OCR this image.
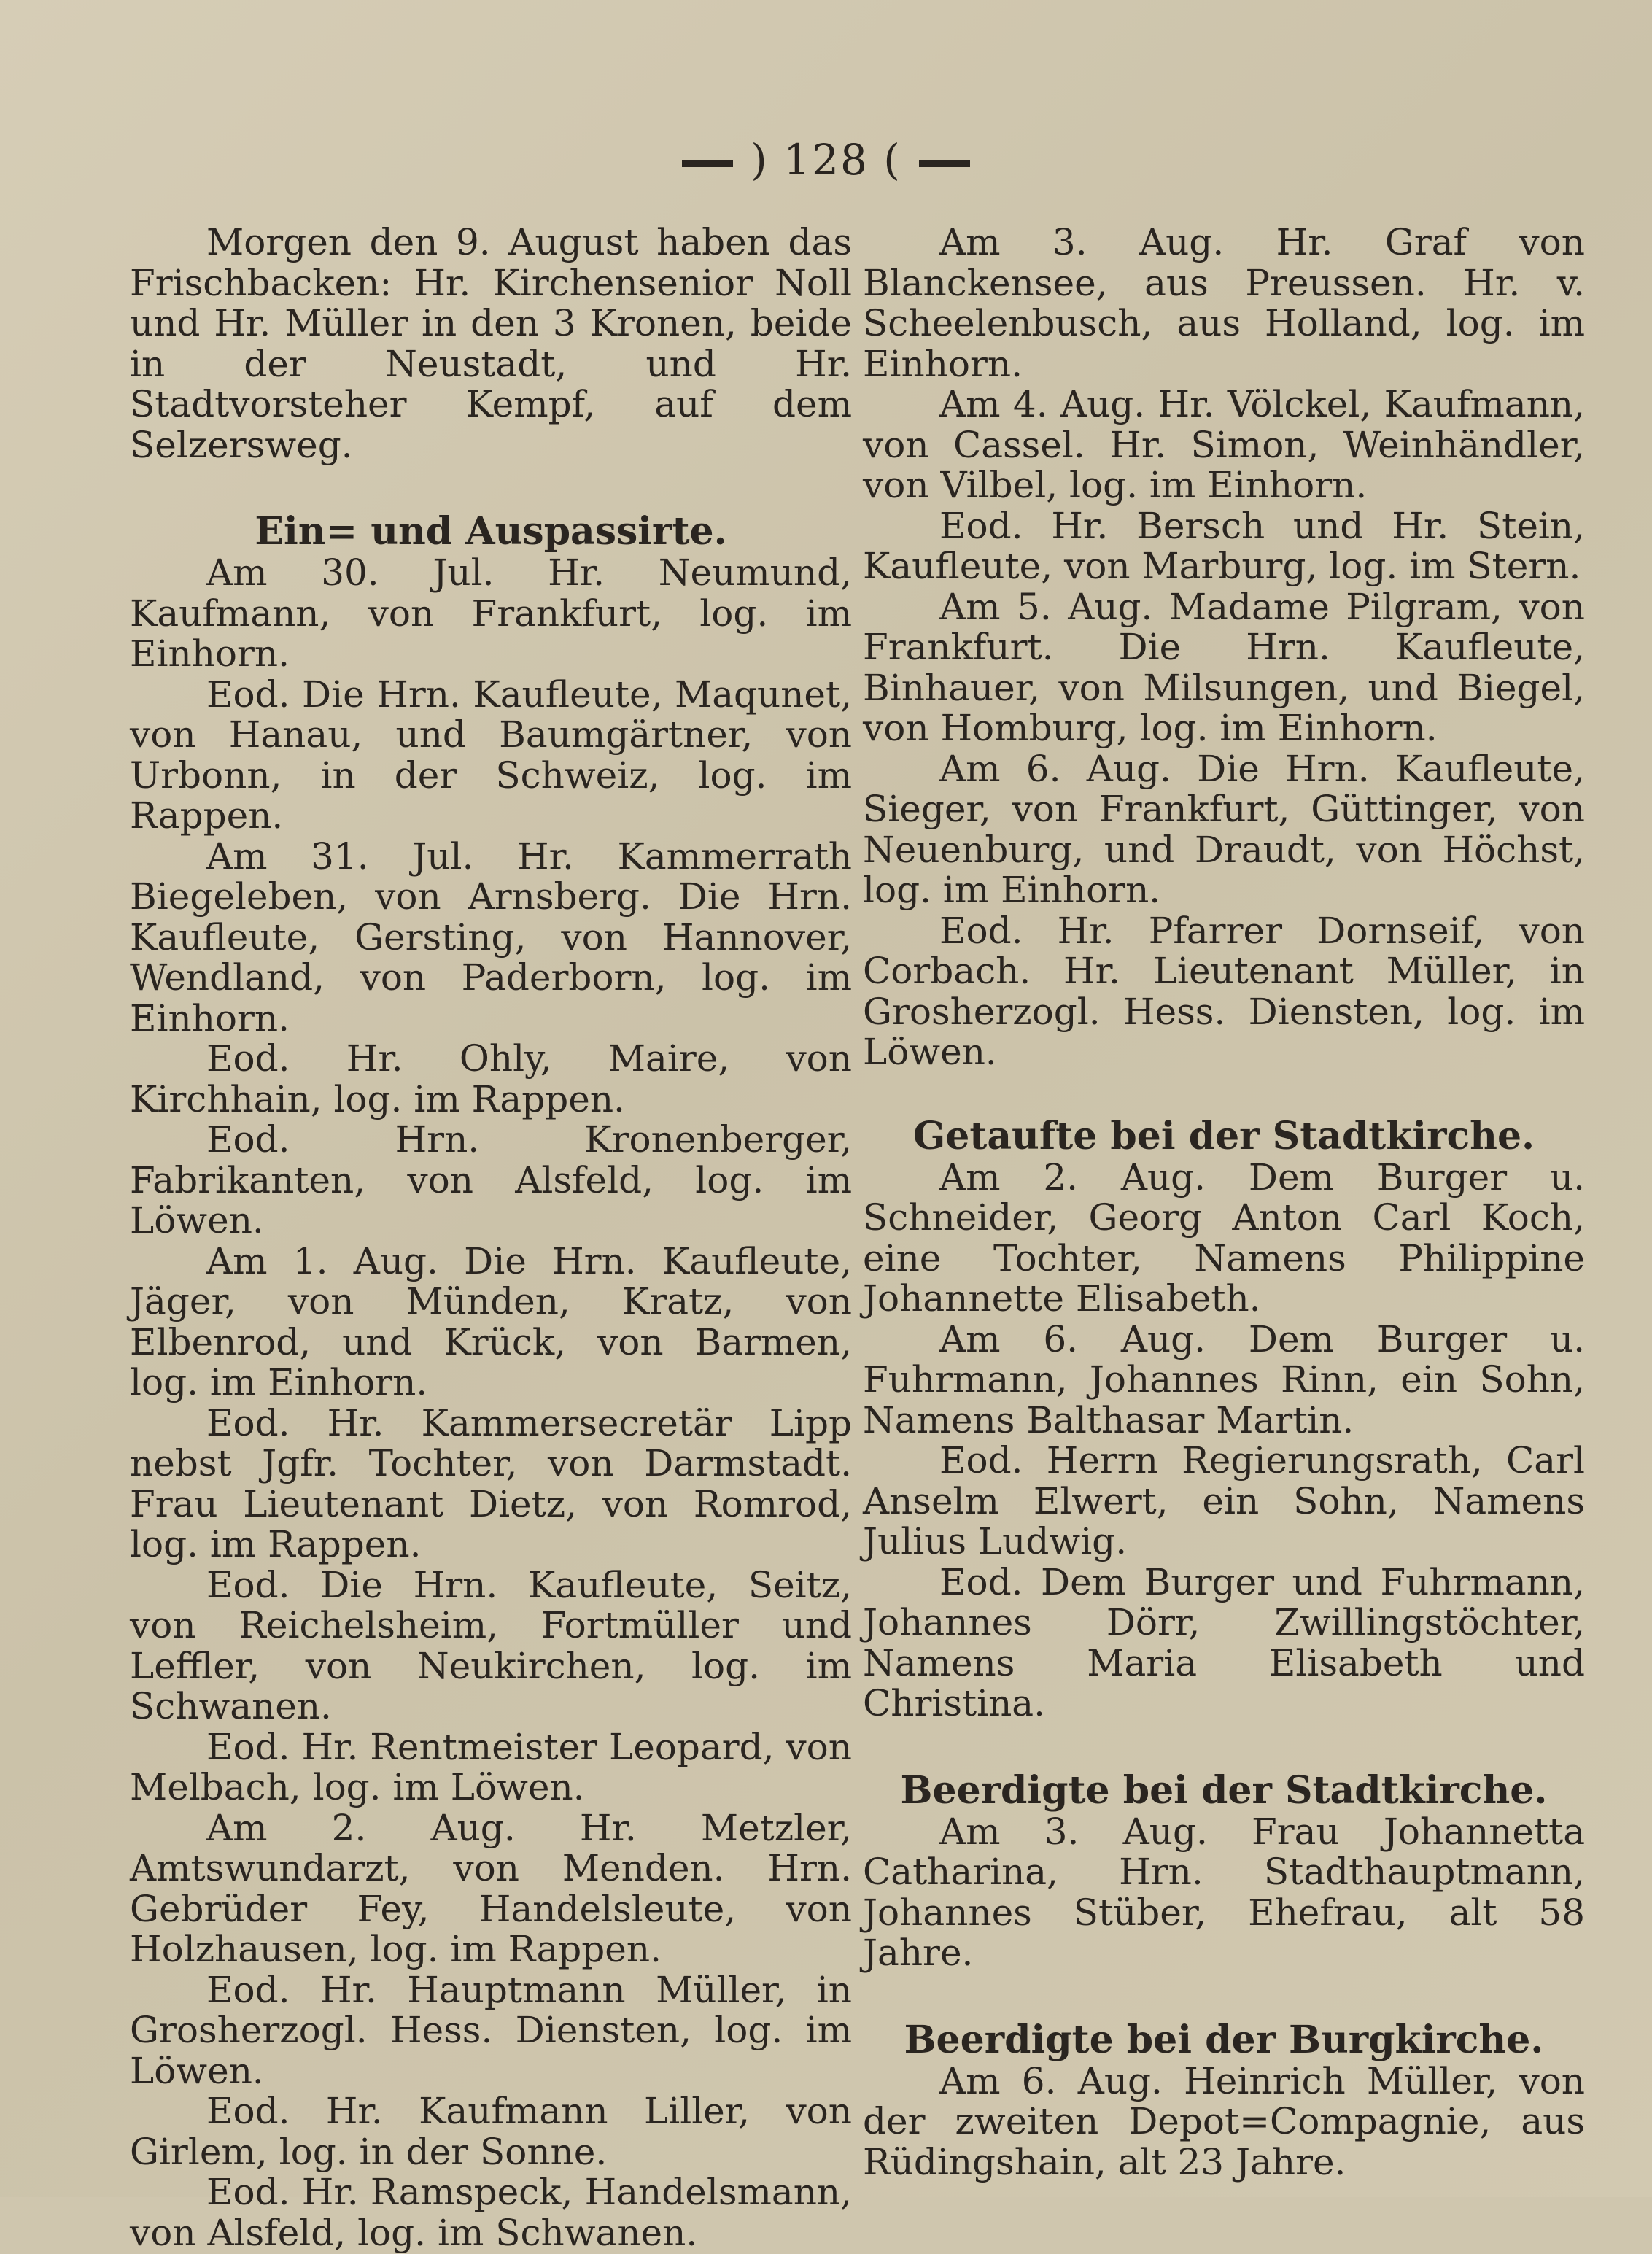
) 128 (

Morgen den 9. August haben das Frischbacken: Hr. Kirchensenior Noll und Hr. Müller in den 3 Kronen, beide in der Neustadt, und Hr. Stadtvorsteher Kempf, auf dem Selzersweg.

Ein= und Auspassirte.

Am 30. Jul. Hr. Neumund, Kaufmann, von Frankfurt, log. im Einhorn.

Eod. Die Hrn. Kaufleute, Maqunet, von Hanau, und Baumgärtner, von Urbonn, in der Schweiz, log. im Rappen.

Am 31. Jul. Hr. Kammerrath Biegeleben, von Arnsberg. Die Hrn. Kaufleute, Gersting, von Hannover, Wendland, von Paderborn, log. im Einhorn.

Eod. Hr. Ohly, Maire, von Kirchhain, log. im Rappen.

Eod. Hrn. Kronenberger, Fabrikanten, von Alsfeld, log. im Löwen.

Am 1. Aug. Die Hrn. Kaufleute, Jäger, von Münden, Kratz, von Elbenrod, und Krück, von Barmen, log. im Einhorn.

Eod. Hr. Kammersecretär Lipp nebst Jgfr. Tochter, von Darmstadt. Frau Lieutenant Dietz, von Romrod, log. im Rappen.

Eod. Die Hrn. Kaufleute, Seitz, von Reichelsheim, Fortmüller und Leffler, von Neukirchen, log. im Schwanen.

Eod. Hr. Rentmeister Leopard, von Melbach, log. im Löwen.

Am 2. Aug. Hr. Metzler, Amtswundarzt, von Menden. Hrn. Gebrüder Fey, Handelsleute, von Holzhausen, log. im Rappen.

Eod. Hr. Hauptmann Müller, in Grosherzogl. Hess. Diensten, log. im Löwen.

Eod. Hr. Kaufmann Liller, von Girlem, log. in der Sonne.

Eod. Hr. Ramspeck, Handelsmann, von Alsfeld, log. im Schwanen.

Am 3. Aug. Hr. Graf von Blanckensee, aus Preussen. Hr. v. Scheelenbusch, aus Holland, log. im Einhorn.

Am 4. Aug. Hr. Völckel, Kaufmann, von Cassel. Hr. Simon, Weinhändler, von Vilbel, log. im Einhorn.

Eod. Hr. Bersch und Hr. Stein, Kaufleute, von Marburg, log. im Stern.

Am 5. Aug. Madame Pilgram, von Frankfurt. Die Hrn. Kaufleute, Binhauer, von Milsungen, und Biegel, von Homburg, log. im Einhorn.

Am 6. Aug. Die Hrn. Kaufleute, Sieger, von Frankfurt, Güttinger, von Neuenburg, und Draudt, von Höchst, log. im Einhorn.

Eod. Hr. Pfarrer Dornseif, von Corbach. Hr. Lieutenant Müller, in Grosherzogl. Hess. Diensten, log. im Löwen.

Getaufte bei der Stadtkirche.

Am 2. Aug. Dem Burger u. Schneider, Georg Anton Carl Koch, eine Tochter, Namens Philippine Johannette Elisabeth.

Am 6. Aug. Dem Burger u. Fuhrmann, Johannes Rinn, ein Sohn, Namens Balthasar Martin.

Eod. Herrn Regierungsrath, Carl Anselm Elwert, ein Sohn, Namens Julius Ludwig.

Eod. Dem Burger und Fuhrmann, Johannes Dörr, Zwillingstöchter, Namens Maria Elisabeth und Christina.

Beerdigte bei der Stadtkirche.

Am 3. Aug. Frau Johannetta Catharina, Hrn. Stadthauptmann, Johannes Stüber, Ehefrau, alt 58 Jahre.

Beerdigte bei der Burgkirche.

Am 6. Aug. Heinrich Müller, von der zweiten Depot=Compagnie, aus Rüdingshain, alt 23 Jahre.
